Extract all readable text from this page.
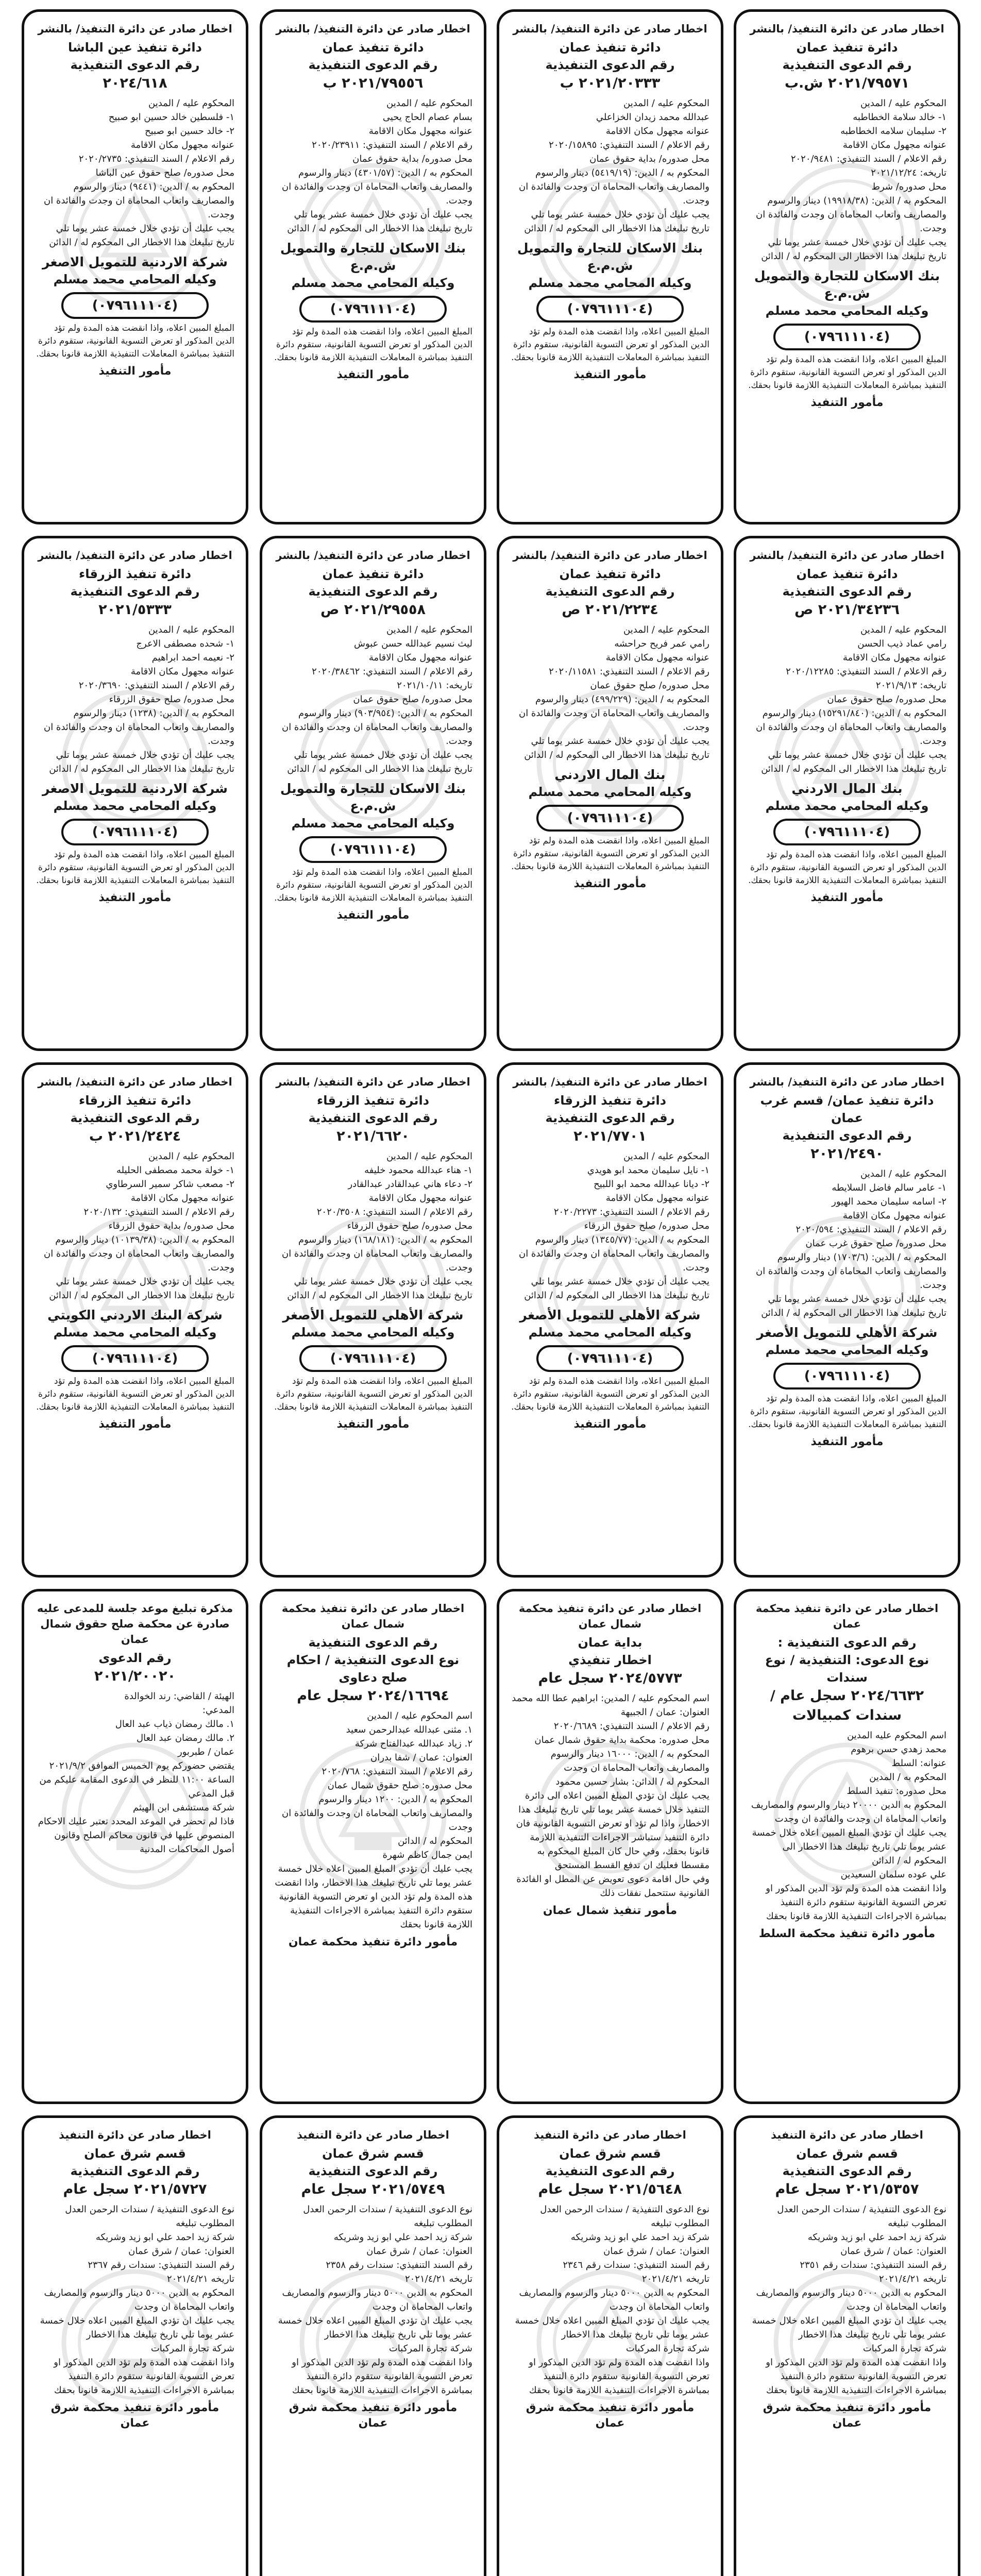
اخطار صادر عن دائرة التنفيذ/ بالنشر
دائرة تنفيذ عمان
رقم الدعوى التنفيذية
٢٠٢١/٧٩٥٧١ ش.ب
المحكوم عليه / المدين
١- خالد سلامة الخطاطبه
٢- سليمان سلامه الخطاطبه
عنوانه مجهول مكان الاقامة
رقم الاعلام / السند التنفيذي: ٢٠٢٠/٩٤٨١
تاريخه: ٢٠٢١/١٢/٢٤
محل صدوره/ شرط
المحكوم به / الدين: (١٩٩١٨/٣٨) دينار والرسوم والمصاريف واتعاب المحاماة ان وجدت والفائدة ان وجدت.
يجب عليك أن تؤدي خلال خمسة عشر يوما تلي تاريخ تبليغك هذا الاخطار الى المحكوم له / الدائن
بنك الاسكان للتجارة والتمويل ش.م.ع
وكيله المحامي محمد مسلم
(٠٧٩٦١١١٠٤)
المبلغ المبين اعلاه، واذا انقضت هذه المدة ولم تؤد الدين المذكور او تعرض التسوية القانونية، ستقوم دائرة التنفيذ بمباشرة المعاملات التنفيذية اللازمة قانونا بحقك.
مأمور التنفيذ
اخطار صادر عن دائرة التنفيذ/ بالنشر
دائرة تنفيذ عمان
رقم الدعوى التنفيذية
٢٠٢١/٢٠٣٣٣ ب
المحكوم عليه / المدين
عبدالله محمد زيدان الخزاعلي
عنوانه مجهول مكان الاقامة
رقم الاعلام / السند التنفيذي: ٢٠٢٠/١٥٨٩٥
محل صدوره/ بداية حقوق عمان
المحكوم به / الدين: (٥٤١٩/١٩) دينار والرسوم والمصاريف واتعاب المحاماة ان وجدت والفائدة ان وجدت.
يجب عليك أن تؤدي خلال خمسة عشر يوما تلي تاريخ تبليغك هذا الاخطار الى المحكوم له / الدائن
بنك الاسكان للتجارة والتمويل ش.م.ع
وكيله المحامي محمد مسلم
(٠٧٩٦١١١٠٤)
المبلغ المبين اعلاه، واذا انقضت هذه المدة ولم تؤد الدين المذكور او تعرض التسوية القانونية، ستقوم دائرة التنفيذ بمباشرة المعاملات التنفيذية اللازمة قانونا بحقك.
مأمور التنفيذ
اخطار صادر عن دائرة التنفيذ/ بالنشر
دائرة تنفيذ عمان
رقم الدعوى التنفيذية
٢٠٢١/٧٩٥٥٦ ب
المحكوم عليه / المدين
بسام عصام الحاج يحيى
عنوانه مجهول مكان الاقامة
رقم الاعلام / السند التنفيذي: ٢٠٢٠/٢٣٩١١
محل صدوره/ بداية حقوق عمان
المحكوم به / الدين: (٤٣٠١/٥٧) دينار والرسوم والمصاريف واتعاب المحاماة ان وجدت والفائدة ان وجدت.
يجب عليك أن تؤدي خلال خمسة عشر يوما تلي تاريخ تبليغك هذا الاخطار الى المحكوم له / الدائن
بنك الاسكان للتجارة والتمويل ش.م.ع
وكيله المحامي محمد مسلم
(٠٧٩٦١١١٠٤)
المبلغ المبين اعلاه، واذا انقضت هذه المدة ولم تؤد الدين المذكور او تعرض التسوية القانونية، ستقوم دائرة التنفيذ بمباشرة المعاملات التنفيذية اللازمة قانونا بحقك.
مأمور التنفيذ
اخطار صادر عن دائرة التنفيذ/ بالنشر
دائرة تنفيذ عين الباشا
رقم الدعوى التنفيذية
٢٠٢٤/٦١٨
المحكوم عليه / المدين
١- فلسطين خالد حسين ابو صبيح
٢- خالد حسين ابو صبيح
عنوانه مجهول مكان الاقامة
رقم الاعلام / السند التنفيذي: ٢٠٢٠/٢٧٣٥
محل صدوره/ صلح حقوق عين الباشا
المحكوم به / الدين: (٩٤٤١) دينار والرسوم والمصاريف واتعاب المحاماة ان وجدت والفائدة ان وجدت.
يجب عليك أن تؤدي خلال خمسة عشر يوما تلي تاريخ تبليغك هذا الاخطار الى المحكوم له / الدائن
شركة الاردنية للتمويل الاصغر
وكيله المحامي محمد مسلم
(٠٧٩٦١١١٠٤)
المبلغ المبين اعلاه، واذا انقضت هذه المدة ولم تؤد الدين المذكور او تعرض التسوية القانونية، ستقوم دائرة التنفيذ بمباشرة المعاملات التنفيذية اللازمة قانونا بحقك.
مأمور التنفيذ
اخطار صادر عن دائرة التنفيذ/ بالنشر
دائرة تنفيذ عمان
رقم الدعوى التنفيذية
٢٠٢١/٣٤٢٣٦ ص
المحكوم عليه / المدين
رامي عماد ذيب الحسن
عنوانه مجهول مكان الاقامة
رقم الاعلام / السند التنفيذي: ٢٠٢٠/١٢٢٨٥
تاريخه: ٢٠٢١/٩/١٣
محل صدوره/ صلح حقوق عمان
المحكوم به / الدين: (١٥٢٩١/٨٤٠) دينار والرسوم والمصاريف واتعاب المحاماة ان وجدت والفائدة ان وجدت.
يجب عليك أن تؤدي خلال خمسة عشر يوما تلي تاريخ تبليغك هذا الاخطار الى المحكوم له / الدائن
بنك المال الاردني
وكيله المحامي محمد مسلم
(٠٧٩٦١١١٠٤)
المبلغ المبين اعلاه، واذا انقضت هذه المدة ولم تؤد الدين المذكور او تعرض التسوية القانونية، ستقوم دائرة التنفيذ بمباشرة المعاملات التنفيذية اللازمة قانونا بحقك.
مأمور التنفيذ
اخطار صادر عن دائرة التنفيذ/ بالنشر
دائرة تنفيذ عمان
رقم الدعوى التنفيذية
٢٠٢١/٢٢٣٤ ص
المحكوم عليه / المدين
رامي عمر فريح حراحشه
عنوانه مجهول مكان الاقامة
رقم الاعلام / السند التنفيذي: ٢٠٢٠/١١٥٨١
محل صدوره/ صلح حقوق عمان
المحكوم به / الدين: (٤٩٩/٢٢٩) دينار والرسوم والمصاريف واتعاب المحاماة ان وجدت والفائدة ان وجدت.
يجب عليك أن تؤدي خلال خمسة عشر يوما تلي تاريخ تبليغك هذا الاخطار الى المحكوم له / الدائن
بنك المال الاردني
وكيله المحامي محمد مسلم
(٠٧٩٦١١١٠٤)
المبلغ المبين اعلاه، واذا انقضت هذه المدة ولم تؤد الدين المذكور او تعرض التسوية القانونية، ستقوم دائرة التنفيذ بمباشرة المعاملات التنفيذية اللازمة قانونا بحقك.
مأمور التنفيذ
اخطار صادر عن دائرة التنفيذ/ بالنشر
دائرة تنفيذ عمان
رقم الدعوى التنفيذية
٢٠٢١/٢٩٥٥٨ ص
المحكوم عليه / المدين
ليث نسيم عبدالله حسن عبوش
عنوانه مجهول مكان الاقامة
رقم الاعلام / السند التنفيذي: ٢٠٢٠/٣٨٤٦٢
تاريخه: ٢٠٢١/١٠/١١
محل صدوره/ صلح حقوق عمان
المحكوم به / الدين: (٩٠٣/٩٥٤) دينار والرسوم والمصاريف واتعاب المحاماة ان وجدت والفائدة ان وجدت.
يجب عليك أن تؤدي خلال خمسة عشر يوما تلي تاريخ تبليغك هذا الاخطار الى المحكوم له / الدائن
بنك الاسكان للتجارة والتمويل ش.م.ع
وكيله المحامي محمد مسلم
(٠٧٩٦١١١٠٤)
المبلغ المبين اعلاه، واذا انقضت هذه المدة ولم تؤد الدين المذكور او تعرض التسوية القانونية، ستقوم دائرة التنفيذ بمباشرة المعاملات التنفيذية اللازمة قانونا بحقك.
مأمور التنفيذ
اخطار صادر عن دائرة التنفيذ/ بالنشر
دائرة تنفيذ الزرقاء
رقم الدعوى التنفيذية
٢٠٢١/٥٣٣٣
المحكوم عليه / المدين
١- شحده مصطفى الاعرج
٢- نعيمه احمد ابراهيم
عنوانه مجهول مكان الاقامة
رقم الاعلام / السند التنفيذي: ٢٠٢٠/٣٦٩٠
محل صدوره/ صلح حقوق الزرقاء
المحكوم به / الدين: (١٢٣٨) دينار والرسوم والمصاريف واتعاب المحاماة ان وجدت والفائدة ان وجدت.
يجب عليك أن تؤدي خلال خمسة عشر يوما تلي تاريخ تبليغك هذا الاخطار الى المحكوم له / الدائن
شركة الاردنية للتمويل الاصغر
وكيله المحامي محمد مسلم
(٠٧٩٦١١١٠٤)
المبلغ المبين اعلاه، واذا انقضت هذه المدة ولم تؤد الدين المذكور او تعرض التسوية القانونية، ستقوم دائرة التنفيذ بمباشرة المعاملات التنفيذية اللازمة قانونا بحقك.
مأمور التنفيذ
اخطار صادر عن دائرة التنفيذ/ بالنشر
دائرة تنفيذ عمان/ قسم غرب عمان
رقم الدعوى التنفيذية
٢٠٢١/٢٤٩٠
المحكوم عليه / المدين
١- عامر سالم فاضل السلايطه
٢- اسامه سليمان محمد الهيور
عنوانه مجهول مكان الاقامة
رقم الاعلام / السند التنفيذي: ٢٠٢٠/٥٩٤
محل صدوره/ صلح حقوق غرب عمان
المحكوم به / الدين: (١٧٠٣/٦) دينار والرسوم والمصاريف واتعاب المحاماة ان وجدت والفائدة ان وجدت.
يجب عليك أن تؤدي خلال خمسة عشر يوما تلي تاريخ تبليغك هذا الاخطار الى المحكوم له / الدائن
شركة الأهلي للتمويل الأصغر
وكيله المحامي محمد مسلم
(٠٧٩٦١١١٠٤)
المبلغ المبين اعلاه، واذا انقضت هذه المدة ولم تؤد الدين المذكور او تعرض التسوية القانونية، ستقوم دائرة التنفيذ بمباشرة المعاملات التنفيذية اللازمة قانونا بحقك.
مأمور التنفيذ
اخطار صادر عن دائرة التنفيذ/ بالنشر
دائرة تنفيذ الزرقاء
رقم الدعوى التنفيذية
٢٠٢١/٧٧٠١
المحكوم عليه / المدين
١- نايل سليمان محمد ابو هويدي
٢- ديانا عبدالله محمد ابو اللبيح
عنوانه مجهول مكان الاقامة
رقم الاعلام / السند التنفيذي: ٢٠٢٠/٢٢٧٣
محل صدوره/ صلح حقوق الزرقاء
المحكوم به / الدين: (١٣٤٥/٧٧) دينار والرسوم والمصاريف واتعاب المحاماة ان وجدت والفائدة ان وجدت.
يجب عليك أن تؤدي خلال خمسة عشر يوما تلي تاريخ تبليغك هذا الاخطار الى المحكوم له / الدائن
شركة الأهلي للتمويل الأصغر
وكيله المحامي محمد مسلم
(٠٧٩٦١١١٠٤)
المبلغ المبين اعلاه، واذا انقضت هذه المدة ولم تؤد الدين المذكور او تعرض التسوية القانونية، ستقوم دائرة التنفيذ بمباشرة المعاملات التنفيذية اللازمة قانونا بحقك.
مأمور التنفيذ
اخطار صادر عن دائرة التنفيذ/ بالنشر
دائرة تنفيذ الزرقاء
رقم الدعوى التنفيذية
٢٠٢١/٦٦٢٠
المحكوم عليه / المدين
١- هناء عبدالله محمود خليفه
٢- دعاء هاني عبدالقادر عبدالقادر
عنوانه مجهول مكان الاقامة
رقم الاعلام / السند التنفيذي: ٢٠٢٠/٣٥٠٨
محل صدوره/ صلح حقوق الزرقاء
المحكوم به / الدين: (١٦٨/١٨١) دينار والرسوم والمصاريف واتعاب المحاماة ان وجدت والفائدة ان وجدت.
يجب عليك أن تؤدي خلال خمسة عشر يوما تلي تاريخ تبليغك هذا الاخطار الى المحكوم له / الدائن
شركة الأهلي للتمويل الأصغر
وكيله المحامي محمد مسلم
(٠٧٩٦١١١٠٤)
المبلغ المبين اعلاه، واذا انقضت هذه المدة ولم تؤد الدين المذكور او تعرض التسوية القانونية، ستقوم دائرة التنفيذ بمباشرة المعاملات التنفيذية اللازمة قانونا بحقك.
مأمور التنفيذ
اخطار صادر عن دائرة التنفيذ/ بالنشر
دائرة تنفيذ الزرقاء
رقم الدعوى التنفيذية
٢٠٢١/٢٤٢٤ ب
المحكوم عليه / المدين
١- خولة محمد مصطفى الحليله
٢- مصعب شاكر سمير السرطاوي
عنوانه مجهول مكان الاقامة
رقم الاعلام / السند التنفيذي: ٢٠٢٠/١٣٢
محل صدوره/ بداية حقوق الزرقاء
المحكوم به / الدين: (١٠١٣٩/٣٨) دينار والرسوم والمصاريف واتعاب المحاماة ان وجدت والفائدة ان وجدت.
يجب عليك أن تؤدي خلال خمسة عشر يوما تلي تاريخ تبليغك هذا الاخطار الى المحكوم له / الدائن
شركة البنك الاردني الكويتي
وكيله المحامي محمد مسلم
(٠٧٩٦١١١٠٤)
المبلغ المبين اعلاه، واذا انقضت هذه المدة ولم تؤد الدين المذكور او تعرض التسوية القانونية، ستقوم دائرة التنفيذ بمباشرة المعاملات التنفيذية اللازمة قانونا بحقك.
مأمور التنفيذ
اخطار صادر عن دائرة تنفيذ محكمة عمان
رقم الدعوى التنفيذية :
نوع الدعوى: التنفيذية / نوع سندات
٢٠٢٤/٦٦٣٢ سجل عام / سندات كمبيالات
اسم المحكوم عليه المدين
محمد زهدي حسن برهوم
عنوانه: السلط
المحكوم به / المدين
محل صدوره: تنفيذ السلط
المحكوم به الدين ٢٠٠٠٠ دينار والرسوم والمصاريف واتعاب المحاماة ان وجدت والفائدة ان وجدت
يجب عليك ان تؤدي المبلغ المبين اعلاه خلال خمسة عشر يوما تلي تاريخ تبليغك هذا الاخطار الى المحكوم له / الدائن
علي عوده سلمان السعيدين
واذا انقضت هذه المدة ولم تؤد الدين المذكور او تعرض التسوية القانونية ستقوم دائرة التنفيذ بمباشرة الاجراءات التنفيذية اللازمة قانونا بحقك
مأمور دائرة تنفيذ محكمة السلط
اخطار صادر عن دائرة تنفيذ محكمة شمال عمان
بداية عمان
اخطار تنفيذي
٢٠٢٤/٥٧٧٣ سجل عام
اسم المحكوم عليه / المدين: ابراهيم عطا الله محمد
العنوان: عمان / الجبيهة
رقم الاعلام / السند التنفيذي: ٢٠٢٠/٦٦٨٩
محل صدوره: محكمة بداية حقوق شمال عمان
المحكوم به / الدين: ١٦٠٠٠ دينار والرسوم والمصاريف واتعاب المحاماة ان وجدت
المحكوم له / الدائن: بشار حسين محمود
يجب عليك ان تؤدي المبلغ المبين اعلاه الى دائرة التنفيذ خلال خمسة عشر يوما تلي تاريخ تبليغك هذا الاخطار، واذا لم تؤد او تعرض التسوية القانونية فان دائرة التنفيذ ستباشر الاجراءات التنفيذية اللازمة قانونا بحقك، وفي حال كان المبلغ المحكوم به مقسطا فعليك ان تدفع القسط المستحق
وفي حال اقامة دعوى تعويض عن المطل او الفائدة القانونية ستتحمل نفقات ذلك
مأمور تنفيذ شمال عمان
اخطار صادر عن دائرة تنفيذ محكمة شمال عمان
رقم الدعوى التنفيذية
نوع الدعوى التنفيذية / احكام صلح دعاوى
٢٠٢٤/١٦٦٩٤ سجل عام
اسم المحكوم عليه / المدين
١. مثنى عبدالله عبدالرحمن سعيد
٢. زياد عبدالله عبدالفتاح شركة
العنوان: عمان / شفا بدران
رقم الاعلام / السند التنفيذي: ٢٠٢٠/٧٦٨
محل صدوره: صلح حقوق شمال عمان
المحكوم به / الدين: ١٢٠٠ دينار والرسوم والمصاريف واتعاب المحاماة ان وجدت والفائدة ان وجدت
المحكوم له / الدائن
ايمن جمال كاظم شهرة
يجب عليك أن تؤدي المبلغ المبين اعلاه خلال خمسة عشر يوما تلي تاريخ تبليغك هذا الاخطار، واذا انقضت هذه المدة ولم تؤد الدين او تعرض التسوية القانونية ستقوم دائرة التنفيذ بمباشرة الاجراءات التنفيذية اللازمة قانونا بحقك
مأمور دائرة تنفيذ محكمة عمان
مذكرة تبليغ موعد جلسة للمدعى عليه صادرة عن محكمة صلح حقوق شمال عمان
رقم الدعوى
٢٠٢١/٢٠٠٢٠
الهيئة / القاضي: رند الخوالدة
المدعي:
١. مالك رمضان ذياب عبد العال
٢. مالك رمضان عبد العال
عمان / طبربور
يقتضي حضوركم يوم الخميس الموافق ٢٠٢١/٩/٢ الساعة ١١:٠٠ للنظر في الدعوى المقامة عليكم من قبل المدعي
شركة مستشفى ابن الهيثم
فاذا لم تحضر في الموعد المحدد تعتبر عليك الاحكام المنصوص عليها في قانون محاكم الصلح وقانون أصول المحاكمات المدنية
اخطار صادر عن دائرة التنفيذ
قسم شرق عمان
رقم الدعوى التنفيذية
٢٠٢١/٥٣٥٧ سجل عام
نوع الدعوى التنفيذية / سندات الرحمن العدل
المطلوب تبليغه
شركة زيد احمد علي ابو زيد وشريكه
العنوان: عمان / شرق عمان
رقم السند التنفيذي: سندات رقم ٢٣٥١
تاريخه ٢٠٢١/٤/٢١
المحكوم به الدين ٥٠٠٠ دينار والرسوم والمصاريف واتعاب المحاماة ان وجدت
يجب عليك ان تؤدي المبلغ المبين اعلاه خلال خمسة عشر يوما تلي تاريخ تبليغك هذا الاخطار
شركة تجارة المركبات
واذا انقضت هذه المدة ولم تؤد الدين المذكور او تعرض التسوية القانونية ستقوم دائرة التنفيذ بمباشرة الاجراءات التنفيذية اللازمة قانونا بحقك
مأمور دائرة تنفيذ محكمة شرق عمان
اخطار صادر عن دائرة التنفيذ
قسم شرق عمان
رقم الدعوى التنفيذية
٢٠٢١/٥٦٤٨ سجل عام
نوع الدعوى التنفيذية / سندات الرحمن العدل
المطلوب تبليغه
شركة زيد احمد علي ابو زيد وشريكه
العنوان: عمان / شرق عمان
رقم السند التنفيذي: سندات رقم ٢٣٤٦
تاريخه ٢٠٢١/٤/٢١
المحكوم به الدين ٥٠٠٠ دينار والرسوم والمصاريف واتعاب المحاماة ان وجدت
يجب عليك ان تؤدي المبلغ المبين اعلاه خلال خمسة عشر يوما تلي تاريخ تبليغك هذا الاخطار
شركة تجارة المركبات
واذا انقضت هذه المدة ولم تؤد الدين المذكور او تعرض التسوية القانونية ستقوم دائرة التنفيذ بمباشرة الاجراءات التنفيذية اللازمة قانونا بحقك
مأمور دائرة تنفيذ محكمة شرق عمان
اخطار صادر عن دائرة التنفيذ
قسم شرق عمان
رقم الدعوى التنفيذية
٢٠٢١/٥٧٤٩ سجل عام
نوع الدعوى التنفيذية / سندات الرحمن العدل
المطلوب تبليغه
شركة زيد احمد علي ابو زيد وشريكه
العنوان: عمان / شرق عمان
رقم السند التنفيذي: سندات رقم ٢٣٥٨
تاريخه ٢٠٢١/٤/٢١
المحكوم به الدين ٥٠٠٠ دينار والرسوم والمصاريف واتعاب المحاماة ان وجدت
يجب عليك ان تؤدي المبلغ المبين اعلاه خلال خمسة عشر يوما تلي تاريخ تبليغك هذا الاخطار
شركة تجارة المركبات
واذا انقضت هذه المدة ولم تؤد الدين المذكور او تعرض التسوية القانونية ستقوم دائرة التنفيذ بمباشرة الاجراءات التنفيذية اللازمة قانونا بحقك
مأمور دائرة تنفيذ محكمة شرق عمان
اخطار صادر عن دائرة التنفيذ
قسم شرق عمان
رقم الدعوى التنفيذية
٢٠٢١/٥٧٢٧ سجل عام
نوع الدعوى التنفيذية / سندات الرحمن العدل
المطلوب تبليغه
شركة زيد احمد علي ابو زيد وشريكه
العنوان: عمان / شرق عمان
رقم السند التنفيذي: سندات رقم ٢٣٦٧
تاريخه ٢٠٢١/٤/٢١
المحكوم به الدين ٥٠٠٠ دينار والرسوم والمصاريف واتعاب المحاماة ان وجدت
يجب عليك ان تؤدي المبلغ المبين اعلاه خلال خمسة عشر يوما تلي تاريخ تبليغك هذا الاخطار
شركة تجارة المركبات
واذا انقضت هذه المدة ولم تؤد الدين المذكور او تعرض التسوية القانونية ستقوم دائرة التنفيذ بمباشرة الاجراءات التنفيذية اللازمة قانونا بحقك
مأمور دائرة تنفيذ محكمة شرق عمان
